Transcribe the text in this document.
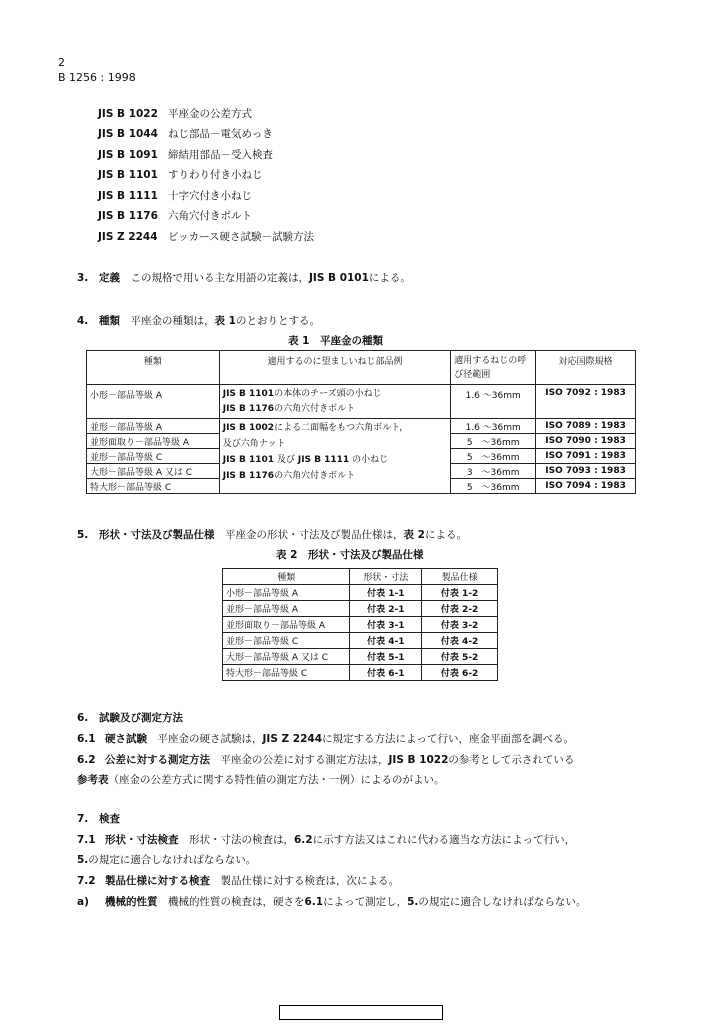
2
B 1256 : 1998
JIS B 1022 平座金の公差方式
JIS B 1044 ねじ部品－電気めっき
JIS B 1091 締結用部品－受入検査
JIS B 1101 すりわり付き小ねじ
JIS B 1111 十字穴付き小ねじ
JIS B 1176 六角穴付きボルト
JIS Z 2244 ビッカース硬さ試験－試験方法
3. 定義　 この規格で用いる主な用語の定義は，JIS B 0101による。
4. 種類　 平座金の種類は，表 1のとおりとする。
表 1　平座金の種類
種類	適用するのに望ましいねじ部品例	適用するねじの呼び径範囲	対応国際規格
小形－部品等級 A	JIS B 1101の本体のチーズ頭の小ねじ
JIS B 1176の六角穴付きボルト	1.6 ～36mm	ISO 7092 : 1983
並形－部品等級 A	JIS B 1002による二面幅をもつ六角ボルト，
及び六角ナット
JIS B 1101 及び JIS B 1111 の小ねじ
JIS B 1176の六角穴付きボルト	1.6 ～36mm	ISO 7089 : 1983
並形面取り－部品等級 A		5　～36mm	ISO 7090 : 1983
並形－部品等級 C		5　～36mm	ISO 7091 : 1983
大形－部品等級 A 又は C		3　～36mm	ISO 7093 : 1983
特大形－部品等級 C		5　～36mm	ISO 7094 : 1983
5. 形状・寸法及び製品仕様　 平座金の形状・寸法及び製品仕様は，表 2による。
表 2　形状・寸法及び製品仕様
種類	形状・寸法	製品仕様
小形－部品等級 A	付表 1-1	付表 1-2
並形－部品等級 A	付表 2-1	付表 2-2
並形面取り－部品等級 A	付表 3-1	付表 3-2
並形－部品等級 C	付表 4-1	付表 4-2
大形－部品等級 A 又は C	付表 5-1	付表 5-2
特大形－部品等級 C	付表 6-1	付表 6-2
6. 試験及び測定方法
6.1 硬さ試験　 平座金の硬さ試験は，JIS Z 2244に規定する方法によって行い，座金平面部を調べる。
6.2 公差に対する測定方法　 平座金の公差に対する測定方法は，JIS B 1022の参考として示されている
参考表（座金の公差方式に関する特性値の測定方法・一例）によるのがよい。
7. 検査
7.1 形状・寸法検査　 形状・寸法の検査は，6.2に示す方法又はこれに代わる適当な方法によって行い，
5.の規定に適合しなければならない。
7.2 製品仕様に対する検査　 製品仕様に対する検査は，次による。
a) 機械的性質　 機械的性質の検査は，硬さを6.1によって測定し，5.の規定に適合しなければならない。
